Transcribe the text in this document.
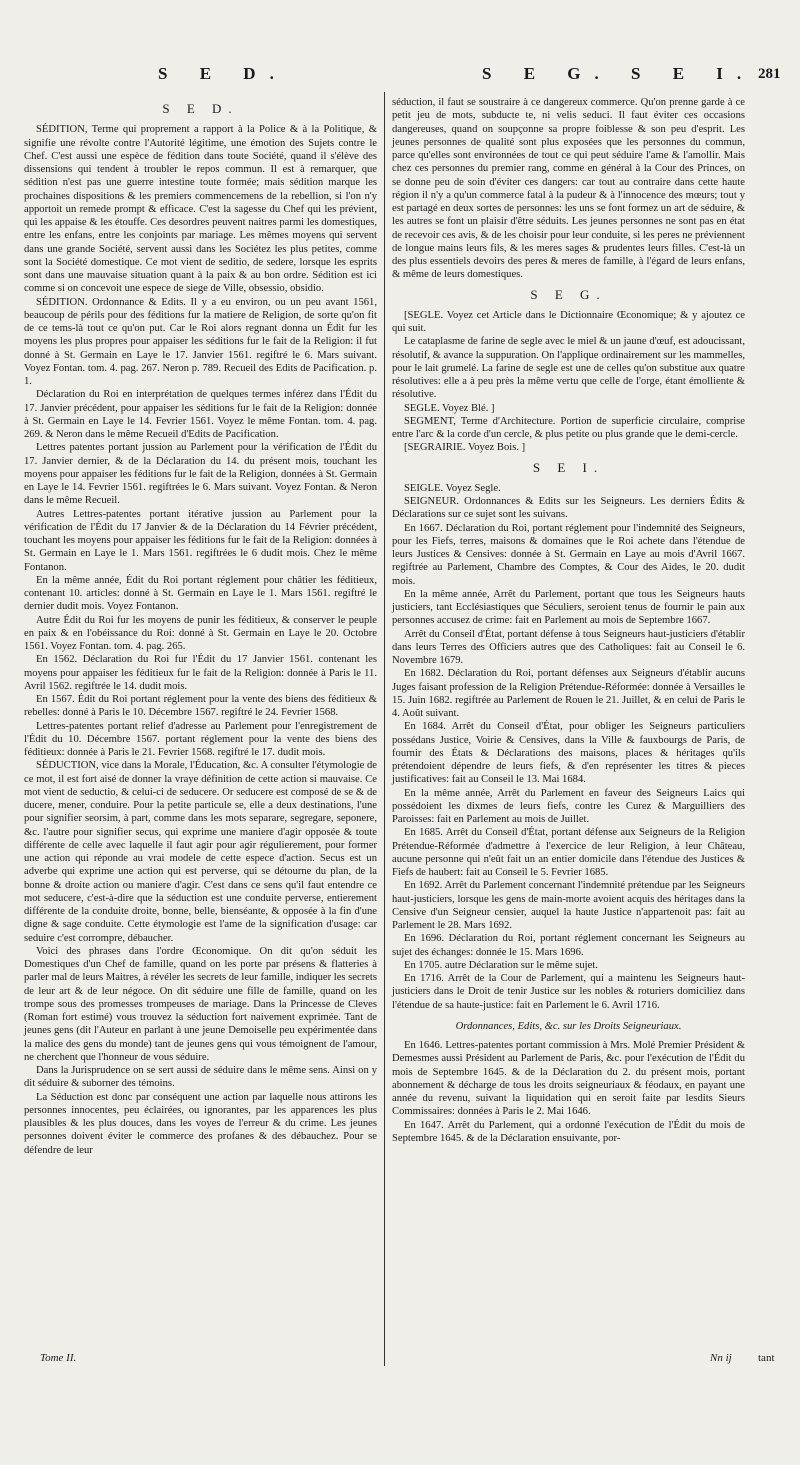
S E D.	S E G. S E I. 281
S E D.

SÉDITION, Terme qui proprement a rapport à la Police & à la Politique, & signifie une révolte contre l'Autorité légitime, une émotion des Sujets contre le Chef. C'est aussi une espèce de fédition dans toute Société, quand il s'élève des dissensions qui tendent à troubler le repos commun. Il est à remarquer, que sédition n'est pas une guerre intestine toute formée; mais sédition marque les prochaines dispositions & les premiers commencemens de la rebellion, si l'on n'y apportoit un remede prompt & efficace. C'est la sagesse du Chef qui les prévient, qui les appaise & les étouffe. Ces desordres peuvent naitres parmi les domestiques, entre les enfans, entre les conjoints par mariage. Les mêmes moyens qui servent dans une grande Société, servent aussi dans les Sociétez les plus petites, comme sont la Société domestique. Ce mot vient de seditio, de sedere, lorsque les esprits sont dans une mauvaise situation quant à la paix & au bon ordre. Sédition est ici comme si on concevoit une espece de siege de Ville, obsessio, obsidio.

SÉDITION. Ordonnance & Edits. Il y a eu environ, ou un peu avant 1561, beaucoup de périls pour des féditions fur la matiere de Religion, de sorte qu'on fit de ce tems-là tout ce qu'on put. Car le Roi alors regnant donna un Édit fur les moyens les plus propres pour appaiser les séditions fur le fait de la Religion: il fut donné à St. Germain en Laye le 17. Janvier 1561. regiftré le 6. Mars suivant. Voyez Fontan. tom. 4. pag. 267. Neron p. 789. Recueil des Edits de Pacification. p. 1.

Déclaration du Roi en interprétation de quelques termes inférez dans l'Édit du 17. Janvier précédent, pour appaiser les séditions fur le fait de la Religion: donnée à St. Germain en Laye le 14. Fevrier 1561. Voyez le même Fontan. tom. 4. pag. 269. & Neron dans le même Recueil d'Edits de Pacification.

Lettres patentes portant jussion au Parlement pour la vérification de l'Édit du 17. Janvier dernier, & de la Déclaration du 14. du présent mois, touchant les moyens pour appaiser les féditions fur le fait de la Religion, données à St. Germain en Laye le 14. Fevrier 1561. regiftrées le 6. Mars suivant. Voyez Fontan. & Neron dans le même Recueil.

Autres Lettres-patentes portant itérative jussion au Parlement pour la vérification de l'Édit du 17 Janvier & de la Déclaration du 14 Février précédent, touchant les moyens pour appaiser les féditions fur le fait de la Religion: données à St. Germain en Laye le 1. Mars 1561. regiftrées le 6 dudit mois. Chez le même Fontanon.

En la même année, Édit du Roi portant réglement pour châtier les féditieux, contenant 10. articles: donné à St. Germain en Laye le 1. Mars 1561. regiftré le dernier dudit mois. Voyez Fontanon.

Autre Édit du Roi fur les moyens de punir les féditieux, & conserver le peuple en paix & en l'obéissance du Roi: donné à St. Germain en Laye le 20. Octobre 1561. Voyez Fontan. tom. 4. pag. 265.

En 1562. Déclaration du Roi fur l'Édit du 17 Janvier 1561. contenant les moyens pour appaiser les féditieux fur le fait de la Religion: donnée à Paris le 11. Avril 1562. regiftrée le 14. dudit mois.

En 1567. Édit du Roi portant réglement pour la vente des biens des féditieux & rebelles: donné à Paris le 10. Décembre 1567. regiftré le 24. Fevrier 1568.

Lettres-patentes portant relief d'adresse au Parlement pour l'enregistrement de l'Édit du 10. Décembre 1567. portant réglement pour la vente des biens des féditieux: donnée à Paris le 21. Fevrier 1568. regiftré le 17. dudit mois.

SÉDUCTION, vice dans la Morale, l'Éducation, &c. A consulter l'étymologie de ce mot, il est fort aisé de donner la vraye définition de cette action si mauvaise. Ce mot vient de seductio, & celui-ci de seducere. Or seducere est composé de se & de ducere, mener, conduire. Pour la petite particule se, elle a deux destinations, l'une pour signifier seorsim, à part, comme dans les mots separare, segregare, seponere, &c. l'autre pour signifier secus, qui exprime une maniere d'agir opposée & toute différente de celle avec laquelle il faut agir pour agir régulierement, pour former une action qui réponde au vrai modele de cette espece d'action. Secus est un adverbe qui exprime une action qui est perverse, qui se détourne du plan, de la bonne & droite action ou maniere d'agir. C'est dans ce sens qu'il faut entendre ce mot seducere, c'est-à-dire que la séduction est une conduite perverse, entierement différente de la conduite droite, bonne, belle, bienséante, & opposée à la fin d'une digne & sage conduite. Cette étymologie est l'ame de la signification d'usage: car seduire c'est corrompre, débaucher.

Voici des phrases dans l'ordre Œconomique. On dit qu'on séduit les Domestiques d'un Chef de famille, quand on les porte par présens & flatteries à parler mal de leurs Maitres, à révéler les secrets de leur famille, indiquer les secrets de leur art & de leur négoce. On dit séduire une fille de famille, quand on les trompe sous des promesses trompeuses de mariage. Dans la Princesse de Cleves (Roman fort estimé) vous trouvez la séduction fort naivement exprimée. Tant de jeunes gens (dit l'Auteur en parlant à une jeune Demoiselle peu expérimentée dans la malice des gens du monde) tant de jeunes gens qui vous témoignent de l'amour, ne cherchent que l'honneur de vous séduire.

Dans la Jurisprudence on se sert aussi de séduire dans le même sens. Ainsi on y dit séduire & suborner des témoins.

La Séduction est donc par conséquent une action par laquelle nous attirons les personnes innocentes, peu éclairées, ou ignorantes, par les apparences les plus plausibles & les plus douces, dans les voyes de l'erreur & du crime. Les jeunes personnes doivent éviter le commerce des profanes & des débauchez. Pour se défendre de leur

séduction, il faut se soustraire à ce dangereux commerce. Qu'on prenne garde à ce petit jeu de mots, subducte te, ni velis seduci. Il faut éviter ces occasions dangereuses, quand on soupçonne sa propre foiblesse & son peu d'esprit. Les jeunes personnes de qualité sont plus exposées que les personnes du commun, parce qu'elles sont environnées de tout ce qui peut séduire l'ame & l'amollir. Mais chez ces personnes du premier rang, comme en général à la Cour des Princes, on se donne peu de soin d'éviter ces dangers: car tout au contraire dans cette haute région il n'y a qu'un commerce fatal à la pudeur & à l'innocence des mœurs; tout y est partagé en deux sortes de personnes: les uns se font formez un art de séduire, & les autres se font un plaisir d'être séduits. Les jeunes personnes ne sont pas en état de recevoir ces avis, & de les choisir pour leur conduite, si les peres ne préviennent de longue mains leurs fils, & les meres sages & prudentes leurs filles. C'est-là un des plus essentiels devoirs des peres & meres de famille, à l'égard de leurs enfans, & même de leurs domestiques.

S E G.

[SEGLE. Voyez cet Article dans le Dictionnaire Œconomique; & y ajoutez ce qui suit.

Le cataplasme de farine de segle avec le miel & un jaune d'œuf, est adoucissant, résolutif, & avance la suppuration. On l'applique ordinairement sur les mammelles, pour le lait grumelé. La farine de segle est une de celles qu'on substitue aux quatre résolutives: elle a à peu près la même vertu que celle de l'orge, étant émolliente & résolutive.

SEGLE. Voyez Blé. ]

SEGMENT, Terme d'Architecture. Portion de superficie circulaire, comprise entre l'arc & la corde d'un cercle, & plus petite ou plus grande que le demi-cercle.

[SEGRAIRIE. Voyez Bois. ]

S E I.

SEIGLE. Voyez Segle.

SEIGNEUR. Ordonnances & Edits sur les Seigneurs. Les derniers Édits & Déclarations sur ce sujet sont les suivans.

En 1667. Déclaration du Roi, portant réglement pour l'indemnité des Seigneurs, pour les Fiefs, terres, maisons & domaines que le Roi achete dans l'étendue de leurs Justices & Censives: donnée à St. Germain en Laye au mois d'Avril 1667. regiftrée au Parlement, Chambre des Comptes, & Cour des Aides, le 20. dudit mois.

En la même année, Arrêt du Parlement, portant que tous les Seigneurs hauts justiciers, tant Ecclésiastiques que Séculiers, seroient tenus de fournir le pain aux personnes accusez de crime: fait en Parlement au mois de Septembre 1667.

Arrêt du Conseil d'État, portant défense à tous Seigneurs haut-justiciers d'établir dans leurs Terres des Officiers autres que des Catholiques: fait au Conseil le 6. Novembre 1679.

En 1682. Déclaration du Roi, portant défenses aux Seigneurs d'établir aucuns Juges faisant profession de la Religion Prétendue-Réformée: donnée à Versailles le 15. Juin 1682. regiftrée au Parlement de Rouen le 21. Juillet, & en celui de Paris le 4. Août suivant.

En 1684. Arrêt du Conseil d'État, pour obliger les Seigneurs particuliers possédans Justice, Voirie & Censives, dans la Ville & fauxbourgs de Paris, de fournir des États & Déclarations des maisons, places & héritages qu'ils prétendoient dépendre de leurs fiefs, & d'en représenter les titres & pieces justificatives: fait au Conseil le 13. Mai 1684.

En la même année, Arrêt du Parlement en faveur des Seigneurs Laics qui possédoient les dixmes de leurs fiefs, contre les Curez & Marguilliers des Paroisses: fait en Parlement au mois de Juillet.

En 1685. Arrêt du Conseil d'État, portant défense aux Seigneurs de la Religion Prétendue-Réformée d'admettre à l'exercice de leur Religion, à leur Château, aucune personne qui n'eût fait un an entier domicile dans l'étendue des Justices & Fiefs de haubert: fait au Conseil le 5. Fevrier 1685.

En 1692. Arrêt du Parlement concernant l'indemnité prétendue par les Seigneurs haut-justiciers, lorsque les gens de main-morte avoient acquis des héritages dans la Censive d'un Seigneur censier, auquel la haute Justice n'appartenoit pas: fait au Parlement le 28. Mars 1692.

En 1696. Déclaration du Roi, portant réglement concernant les Seigneurs au sujet des échanges: donnée le 15. Mars 1696.

En 1705. autre Déclaration sur le même sujet.

En 1716. Arrêt de la Cour de Parlement, qui a maintenu les Seigneurs haut-justiciers dans le Droit de tenir Justice sur les nobles & roturiers domiciliez dans l'étendue de sa haute-justice: fait en Parlement le 6. Avril 1716.

Ordonnances, Edits, &c. sur les Droits Seigneuriaux.

En 1646. Lettres-patentes portant commission à Mrs. Molé Premier Président & Demesmes aussi Président au Parlement de Paris, &c. pour l'exécution de l'Édit du mois de Septembre 1645. & de la Déclaration du 2. du présent mois, portant abonnement & décharge de tous les droits seigneuriaux & féodaux, en payant une année du revenu, suivant la liquidation qui en seroit faite par lesdits Sieurs Commissaires: données à Paris le 2. Mai 1646.

En 1647. Arrêt du Parlement, qui a ordonné l'exécution de l'Édit du mois de Septembre 1645. & de la Déclaration ensuivante, por-

Tome II.	Nn ij tant
